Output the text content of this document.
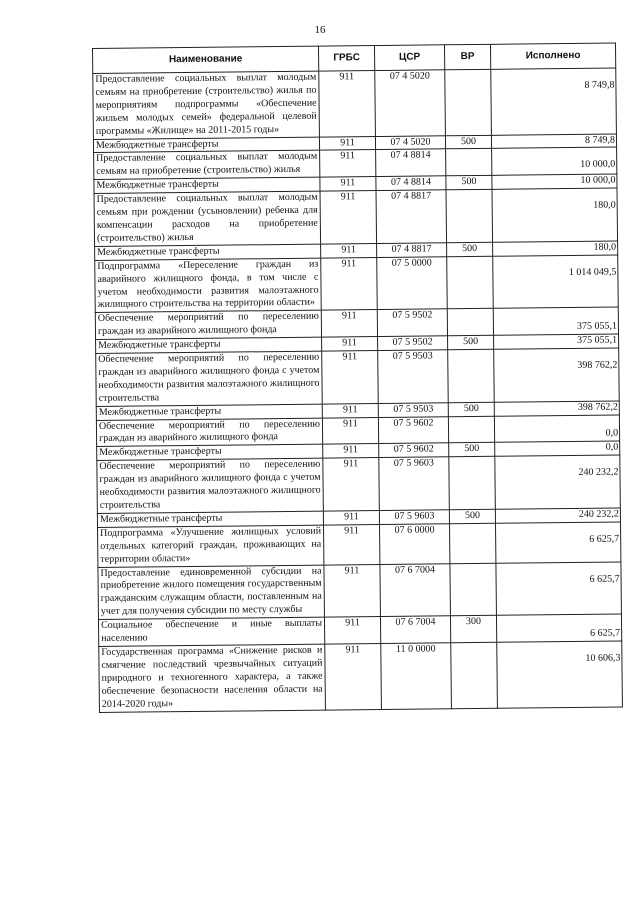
16
Наименование	ГРБС	ЦСР	ВР	Исполнено
Предоставление социальных выплат молодым семьям на приобретение (строительство) жилья по мероприятиям подпрограммы «Обеспечение жильем молодых семей» федеральной целевой программы «Жилище» на 2011-2015 годы»	911	07 4 5020		8 749,8
Межбюджетные трансферты	911	07 4 5020	500	8 749,8
Предоставление социальных выплат молодым семьям на приобретение (строительство) жилья	911	07 4 8814		10 000,0
Межбюджетные трансферты	911	07 4 8814	500	10 000,0
Предоставление социальных выплат молодым семьям при рождении (усыновлении) ребенка для компенсации расходов на приобретение (строительство) жилья	911	07 4 8817		180,0
Межбюджетные трансферты	911	07 4 8817	500	180,0
Подпрограмма «Переселение граждан из аварийного жилищного фонда, в том числе с учетом необходимости развития малоэтажного жилищного строительства на территории области»	911	07 5 0000		1 014 049,5
Обеспечение мероприятий по переселению граждан из аварийного жилищного фонда	911	07 5 9502		375 055,1
Межбюджетные трансферты	911	07 5 9502	500	375 055,1
Обеспечение мероприятий по переселению граждан из аварийного жилищного фонда с учетом необходимости развития малоэтажного жилищного строительства	911	07 5 9503		398 762,2
Межбюджетные трансферты	911	07 5 9503	500	398 762,2
Обеспечение мероприятий по переселению граждан из аварийного жилищного фонда	911	07 5 9602		0,0
Межбюджетные трансферты	911	07 5 9602	500	0,0
Обеспечение мероприятий по переселению граждан из аварийного жилищного фонда с учетом необходимости развития малоэтажного жилищного строительства	911	07 5 9603		240 232,2
Межбюджетные трансферты	911	07 5 9603	500	240 232,2
Подпрограмма «Улучшение жилищных условий отдельных категорий граждан, проживающих на территории области»	911	07 6 0000		6 625,7
Предоставление единовременной субсидии на приобретение жилого помещения государственным гражданским служащим области, поставленным на учет для получения субсидии по месту службы	911	07 6 7004		6 625,7
Социальное обеспечение и иные выплаты населению	911	07 6 7004	300	6 625,7
Государственная программа «Снижение рисков и смягчение последствий чрезвычайных ситуаций природного и техногенного характера, а также обеспечение безопасности населения области на 2014-2020 годы»	911	11 0 0000		10 606,3
